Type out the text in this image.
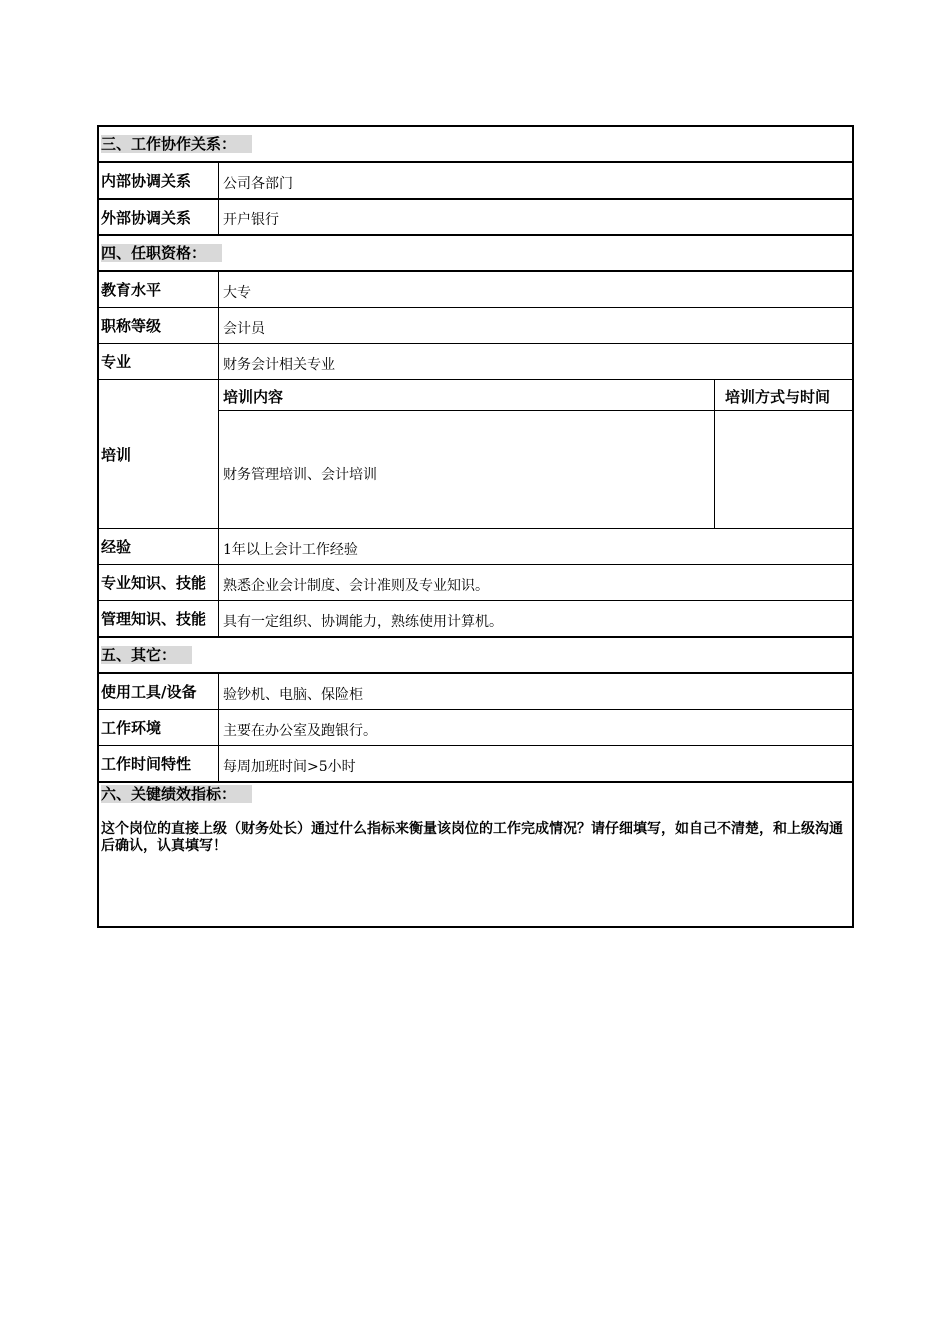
三、工作协作关系：
内部协调关系	公司各部门
外部协调关系	开户银行
四、任职资格：
教育水平	大专
职称等级	会计员
专业	财务会计相关专业
培训
培训内容	培训方式与时间
财务管理培训、会计培训
经验	1年以上会计工作经验
专业知识、技能	熟悉企业会计制度、会计准则及专业知识。
管理知识、技能	具有一定组织、协调能力，熟练使用计算机。
五、其它：
使用工具/设备	验钞机、电脑、保险柜
工作环境	主要在办公室及跑银行。
工作时间特性	每周加班时间>5小时
六、关键绩效指标：
这个岗位的直接上级（财务处长）通过什么指标来衡量该岗位的工作完成情况？请仔细填写，如自己不清楚，和上级沟通后确认，认真填写！
